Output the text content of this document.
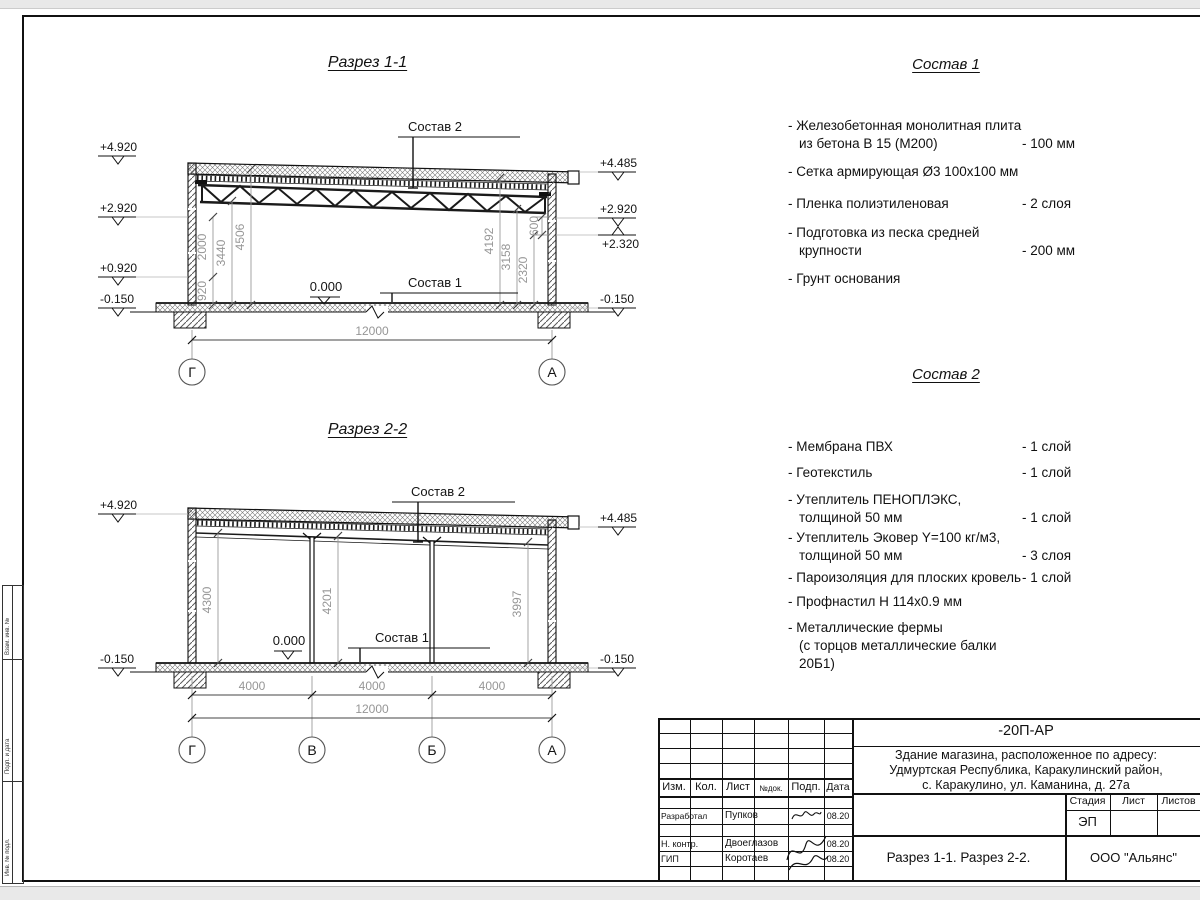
Взам. инв. №
Подп. и дата
Инв. № подл.
Разрез 1-1
Разрез 2-2
920
2000 3440
4506	4192
3158 2320
600
12000
Г	А
+4.920
+2.920
+0.920
-0.150
+4.485
+2.920
+2.320
-0.150
Состав 2
Состав 1
0.000
4300	4201	3997
4000	4000	4000
12000
Г	В	Б	А
+4.920
-0.150
+4.485
-0.150
Состав 2
Состав 1
0.000
Состав 1
- Железобетонная монолитная плита
из бетона В 15 (М200)	- 100 мм
- Сетка армирующая Ø3 100х100 мм
- Пленка полиэтиленовая	- 2 слоя
- Подготовка из песка средней
крупности	- 200 мм
- Грунт основания
Состав 2
- Мембрана ПВХ	- 1 слой
- Геотекстиль	- 1 слой
- Утеплитель ПЕНОПЛЭКС,
толщиной 50 мм	- 1 слой
- Утеплитель Эковер Y=100 кг/м3,
толщиной 50 мм	- 3 слоя
- Пароизоляция для плоских кровель - 1 слой
- Профнастил Н 114х0.9 мм
- Металлические фермы
(с торцов металлические балки 20Б1)
-20П-АР
Здание магазина, расположенное по адресу:
Удмуртская Республика, Каракулинский район,
с. Каракулино, ул. Каманина, д. 27а
Изм. Кол. Лист	№док. Подп. Дата
Разработал	Пупков	08.20
Н. контр.	Двоеглазов	08.20
ГИП	Коротаев	08.20
Стадия	Лист	Листов
ЭП
Разрез 1-1. Разрез 2-2.	ООО "Альянс"
